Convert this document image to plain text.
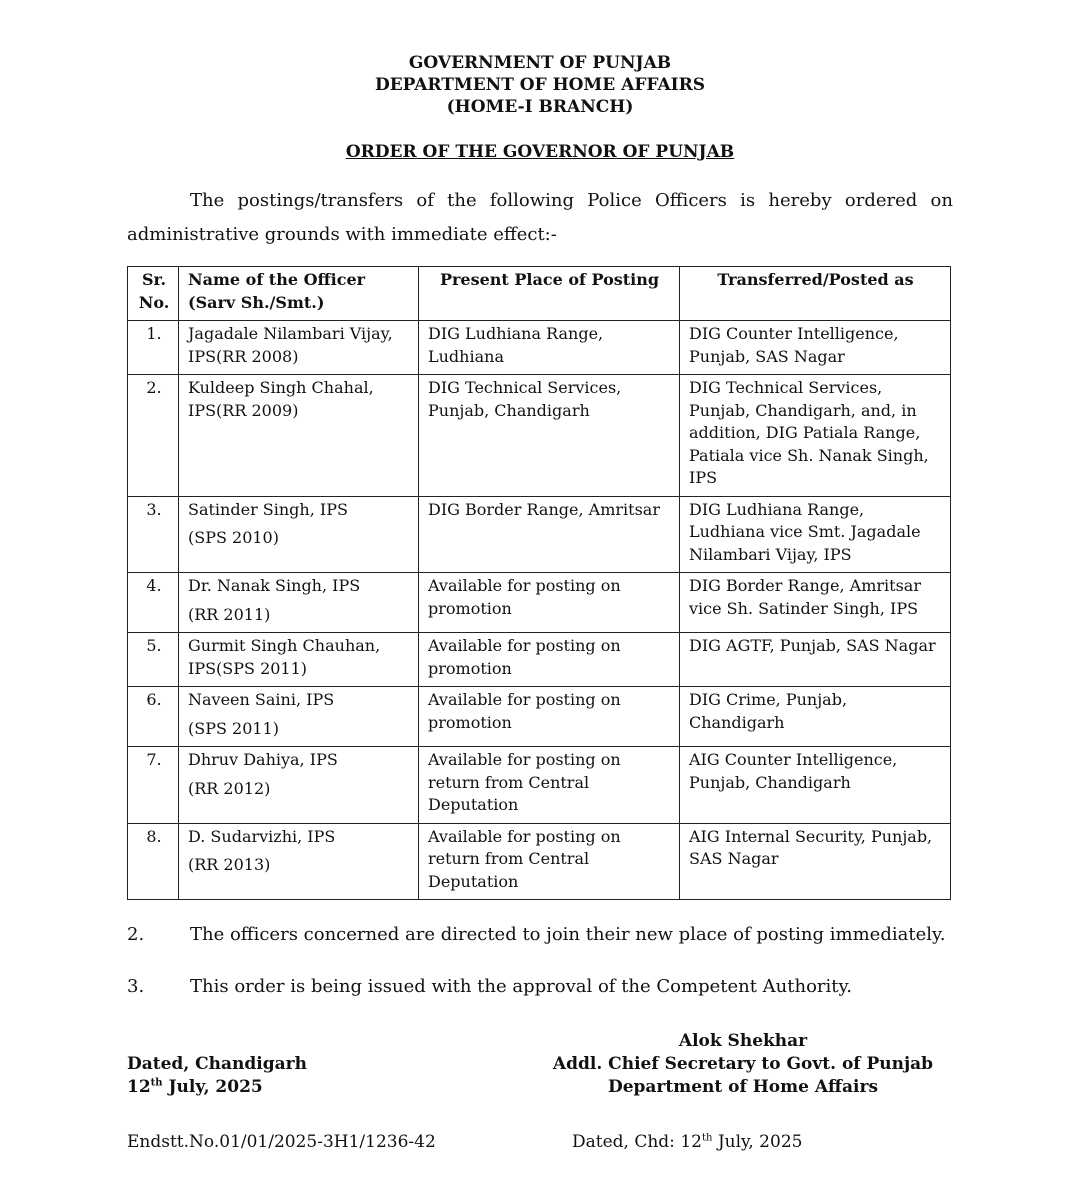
GOVERNMENT OF PUNJAB
DEPARTMENT OF HOME AFFAIRS
(HOME-I BRANCH)
ORDER OF THE GOVERNOR OF PUNJAB
The postings/transfers of the following Police Officers is hereby ordered on administrative grounds with immediate effect:-
Sr. No.	Name of the Officer (Sarv Sh./Smt.)	Present Place of Posting	Transferred/Posted as
1.	Jagadale Nilambari Vijay, IPS(RR 2008)	DIG Ludhiana Range, Ludhiana	DIG Counter Intelligence, Punjab, SAS Nagar
2.	Kuldeep Singh Chahal, IPS(RR 2009)	DIG Technical Services, Punjab, Chandigarh	DIG Technical Services, Punjab, Chandigarh, and, in addition, DIG Patiala Range, Patiala vice Sh. Nanak Singh, IPS
3.	Satinder Singh, IPS
(SPS 2010)	DIG Border Range, Amritsar	DIG Ludhiana Range, Ludhiana vice Smt. Jagadale Nilambari Vijay, IPS
4.	Dr. Nanak Singh, IPS
(RR 2011)	Available for posting on promotion	DIG Border Range, Amritsar vice Sh. Satinder Singh, IPS
5.	Gurmit Singh Chauhan, IPS(SPS 2011)	Available for posting on promotion	DIG AGTF, Punjab, SAS Nagar
6.	Naveen Saini, IPS
(SPS 2011)	Available for posting on promotion	DIG Crime, Punjab, Chandigarh
7.	Dhruv Dahiya, IPS
(RR 2012)	Available for posting on return from Central Deputation	AIG Counter Intelligence, Punjab, Chandigarh
8.	D. Sudarvizhi, IPS
(RR 2013)	Available for posting on return from Central Deputation	AIG Internal Security, Punjab, SAS Nagar
2.	The officers concerned are directed to join their new place of posting immediately.
3.	This order is being issued with the approval of the Competent Authority.
Alok Shekhar
Addl. Chief Secretary to Govt. of Punjab
Department of Home Affairs
Dated, Chandigarh
12th July, 2025
Endstt.No.01/01/2025-3H1/1236-42	Dated, Chd: 12th July, 2025
